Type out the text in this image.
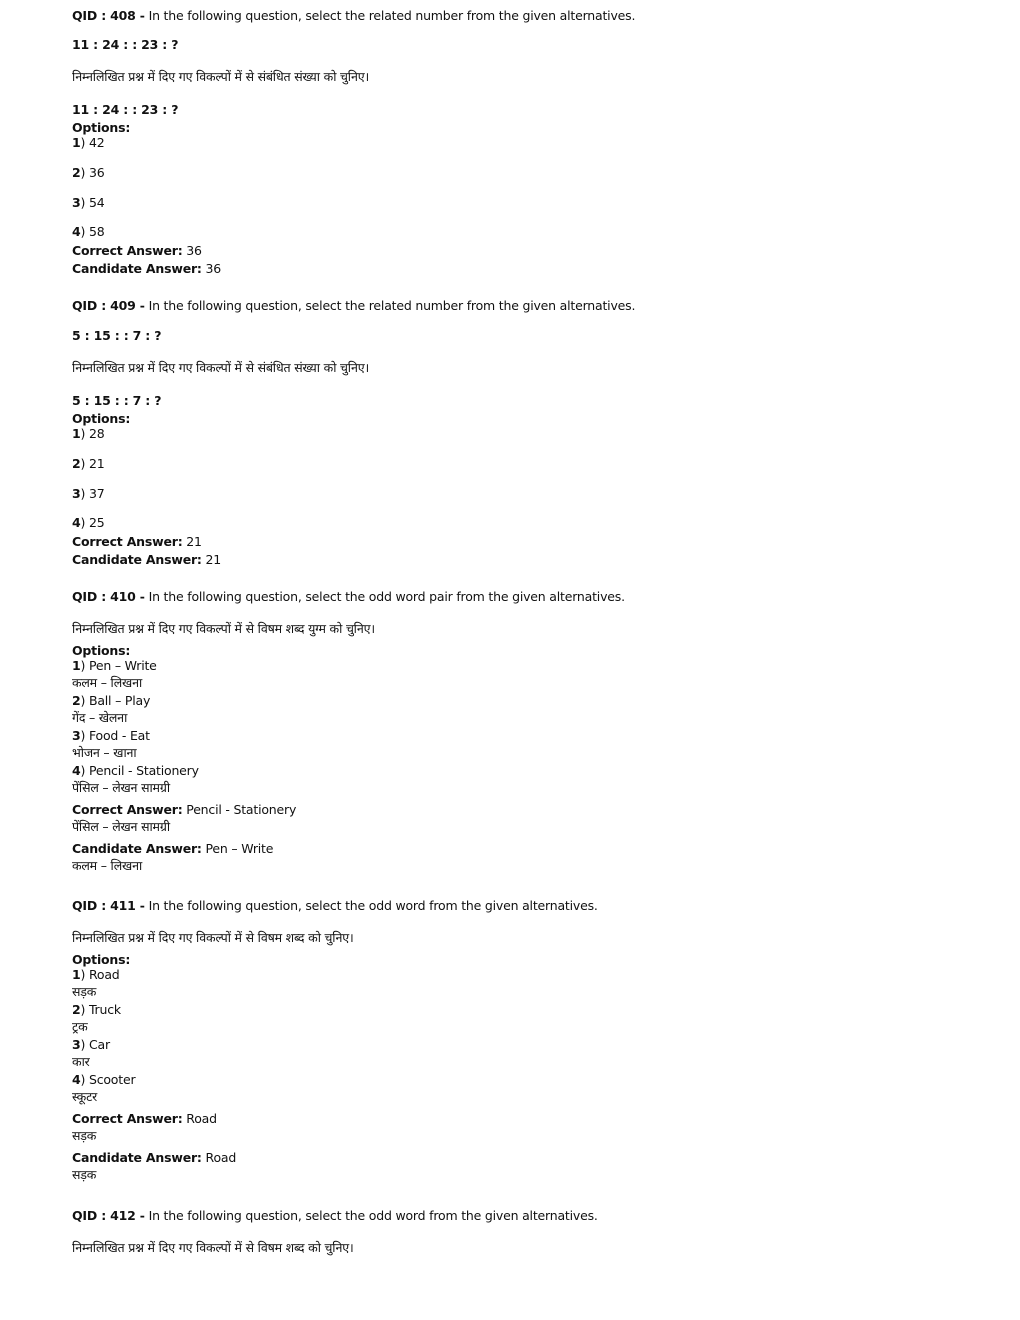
QID : 408 - In the following question, select the related number from the given alternatives.
11 : 24 : : 23 : ?
निम्नलिखित प्रश्न में दिए गए विकल्पों में से संबंधित संख्या को चुनिए।
11 : 24 : : 23 : ?
Options:
1) 42
2) 36
3) 54
4) 58
Correct Answer: 36
Candidate Answer: 36
QID : 409 - In the following question, select the related number from the given alternatives.
5 : 15 : : 7 : ?
निम्नलिखित प्रश्न में दिए गए विकल्पों में से संबंधित संख्या को चुनिए।
5 : 15 : : 7 : ?
Options:
1) 28
2) 21
3) 37
4) 25
Correct Answer: 21
Candidate Answer: 21
QID : 410 - In the following question, select the odd word pair from the given alternatives.
निम्नलिखित प्रश्न में दिए गए विकल्पों में से विषम शब्द युग्म को चुनिए।
Options:
1) Pen – Write
कलम – लिखना
2) Ball – Play
गेंद – खेलना
3) Food - Eat
भोजन – खाना
4) Pencil - Stationery
पेंसिल – लेखन सामग्री
Correct Answer: Pencil - Stationery
पेंसिल – लेखन सामग्री
Candidate Answer: Pen – Write
कलम – लिखना
QID : 411 - In the following question, select the odd word from the given alternatives.
निम्नलिखित प्रश्न में दिए गए विकल्पों में से विषम शब्द को चुनिए।
Options:
1) Road
सड़क
2) Truck
ट्रक
3) Car
कार
4) Scooter
स्कूटर
Correct Answer: Road
सड़क
Candidate Answer: Road
सड़क
QID : 412 - In the following question, select the odd word from the given alternatives.
निम्नलिखित प्रश्न में दिए गए विकल्पों में से विषम शब्द को चुनिए।
